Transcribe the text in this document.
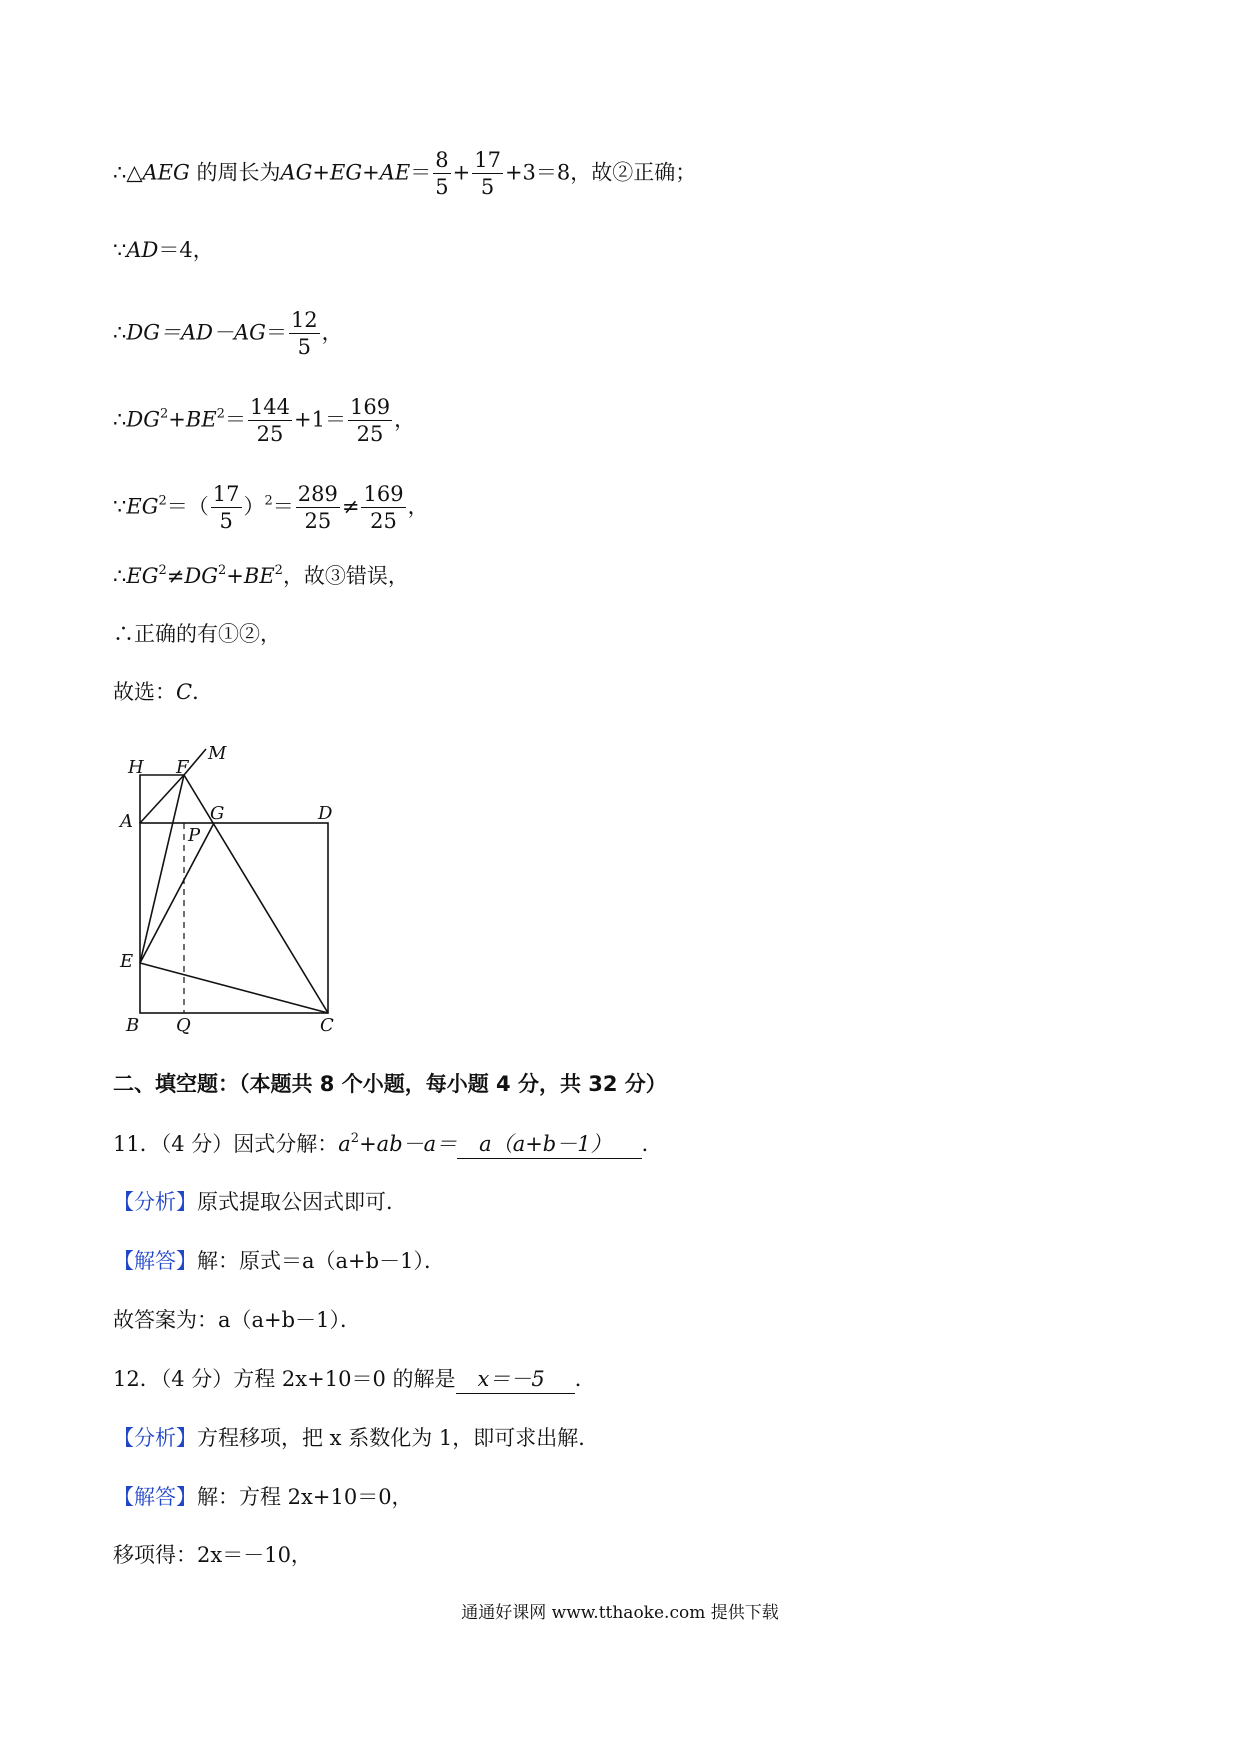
∴△AEG 的周长为$AG+EG+AE= \frac{8}{5} + \frac{17}{5} +3=8$，故②正确；
∵AD＝4，
∴DG＝AD－AG＝ $\frac{12}{5}$ ，
$\therefore DG^2+BE^2= \frac{144}{25} +1= \frac{169}{25}$ ，
$\because EG^2=( \frac{17}{5} )^2= \frac{289}{25} \ne \frac{169}{25}$ ，
$\therefore EG^2\ne DG^2+BE^2$，故③错误，
∴正确的有①②，
故选：C．
H F
M
A	G	D
P
E
B Q	C
二、填空题：（本题共 8 个小题，每小题 4 分，共 32 分）
11．（4 分）因式分解：$a^2+ab-a= a(a+b-1)$ ．
【分析】原式提取公因式即可．
【解答】解：原式＝a（a+b－1）．
故答案为：a（a+b－1）．
12．（4 分）方程 2x+10＝0 的解是 x＝－5 ．
【分析】方程移项，把 x 系数化为 1，即可求出解．
【解答】解：方程 2x+10＝0，
移项得：2x＝－10，
通通好课网 www.tthaoke.com 提供下载
